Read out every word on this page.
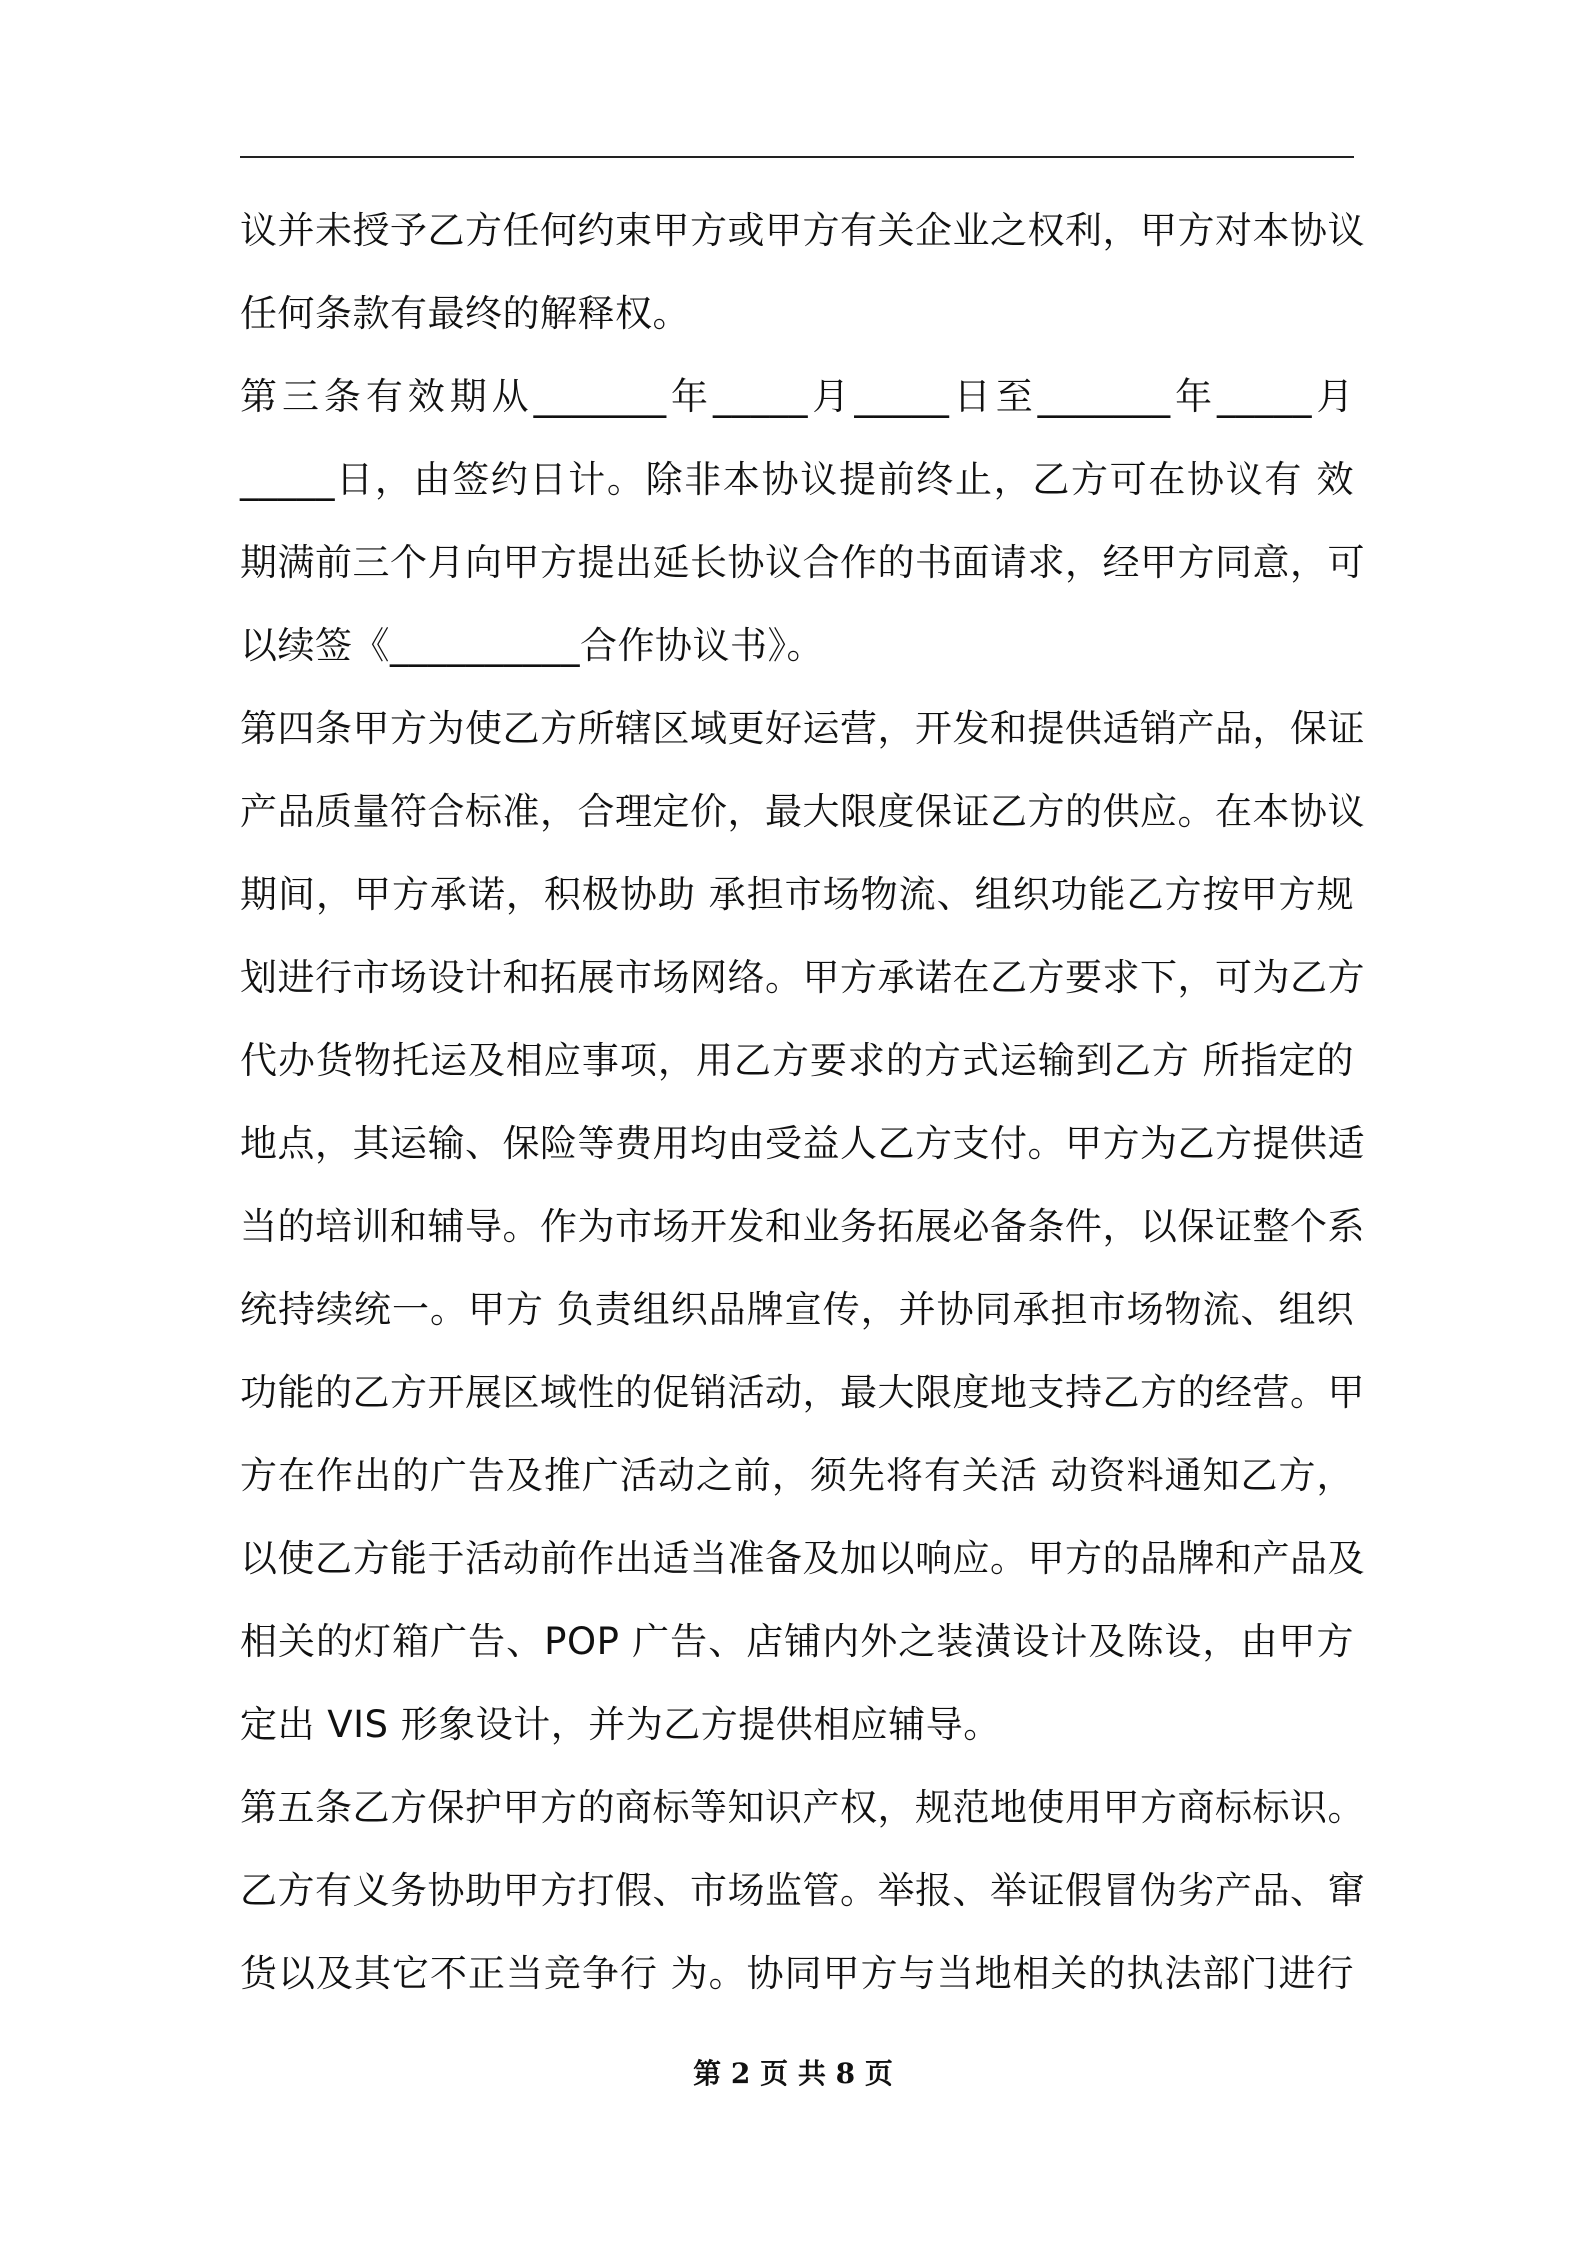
议并未授予乙方任何约束甲方或甲方有关企业之权利，甲方对本协议
任何条款有最终的解释权。
第三条有效期从_______年_____月_____日至_______年_____月
_____日，由签约日计。除非本协议提前终止，乙方可在协议有 效
期满前三个月向甲方提出延长协议合作的书面请求，经甲方同意，可
以续签《__________合作协议书》。
第四条甲方为使乙方所辖区域更好运营，开发和提供适销产品，保证
产品质量符合标准，合理定价，最大限度保证乙方的供应。在本协议
期间，甲方承诺，积极协助 承担市场物流、组织功能乙方按甲方规
划进行市场设计和拓展市场网络。甲方承诺在乙方要求下，可为乙方
代办货物托运及相应事项，用乙方要求的方式运输到乙方 所指定的
地点，其运输、保险等费用均由受益人乙方支付。甲方为乙方提供适
当的培训和辅导。作为市场开发和业务拓展必备条件，以保证整个系
统持续统一。甲方 负责组织品牌宣传，并协同承担市场物流、组织
功能的乙方开展区域性的促销活动，最大限度地支持乙方的经营。甲
方在作出的广告及推广活动之前，须先将有关活 动资料通知乙方，
以使乙方能于活动前作出适当准备及加以响应。甲方的品牌和产品及
相关的灯箱广告、POP 广告、店铺内外之装潢设计及陈设，由甲方
定出 VIS 形象设计，并为乙方提供相应辅导。
第五条乙方保护甲方的商标等知识产权，规范地使用甲方商标标识。
乙方有义务协助甲方打假、市场监管。举报、举证假冒伪劣产品、窜
货以及其它不正当竞争行 为。协同甲方与当地相关的执法部门进行
第 2 页 共 8 页
